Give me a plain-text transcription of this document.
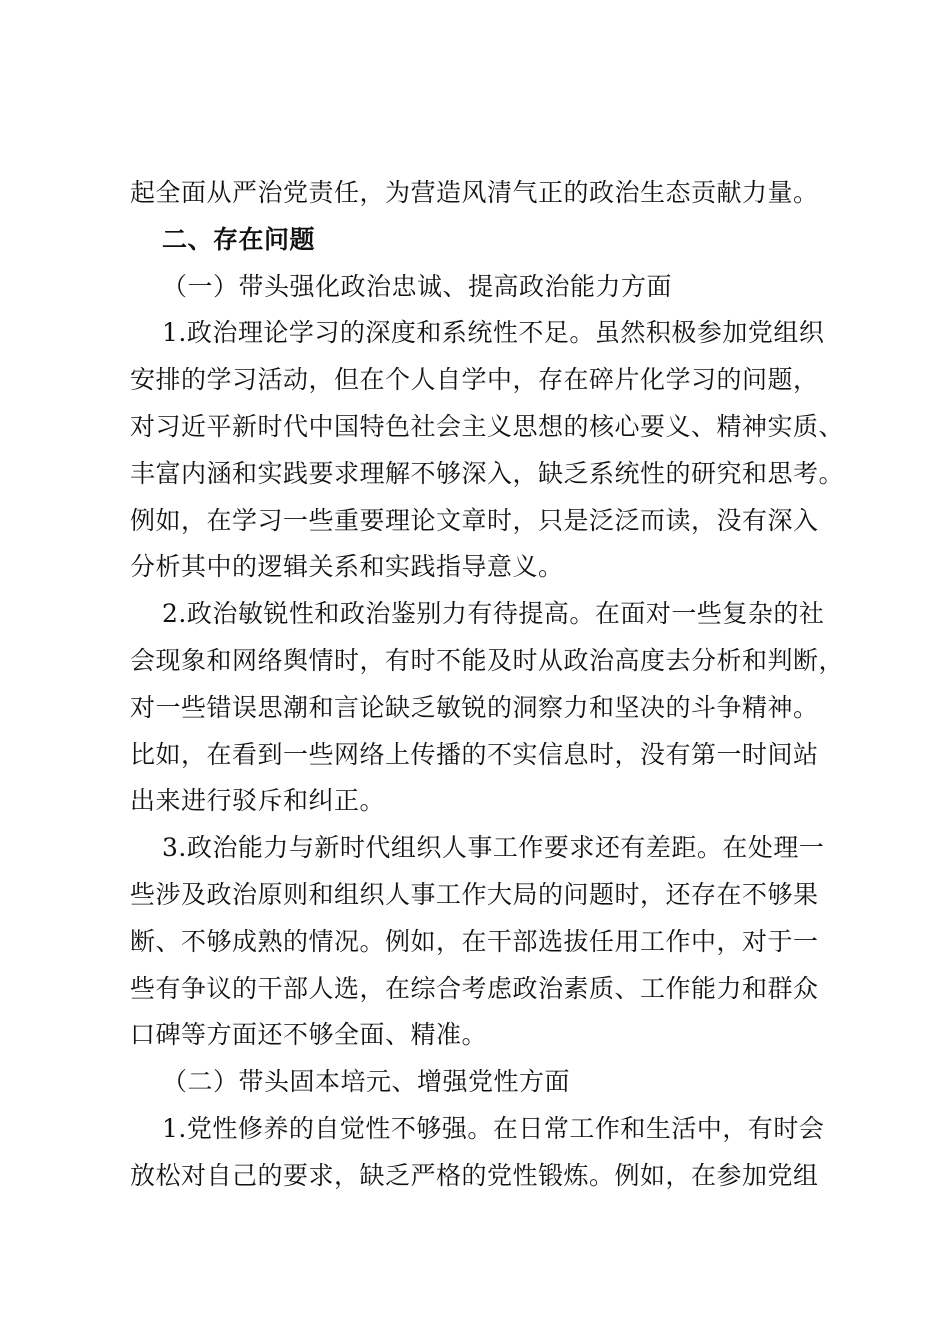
起全面从严治党责任，为营造风清气正的政治生态贡献力量。
二、存在问题
（一）带头强化政治忠诚、提高政治能力方面
1.政治理论学习的深度和系统性不足。虽然积极参加党组织
安排的学习活动，但在个人自学中，存在碎片化学习的问题，
对习近平新时代中国特色社会主义思想的核心要义、精神实质、
丰富内涵和实践要求理解不够深入，缺乏系统性的研究和思考。
例如，在学习一些重要理论文章时，只是泛泛而读，没有深入
分析其中的逻辑关系和实践指导意义。
2.政治敏锐性和政治鉴别力有待提高。在面对一些复杂的社
会现象和网络舆情时，有时不能及时从政治高度去分析和判断，
对一些错误思潮和言论缺乏敏锐的洞察力和坚决的斗争精神。
比如，在看到一些网络上传播的不实信息时，没有第一时间站
出来进行驳斥和纠正。
3.政治能力与新时代组织人事工作要求还有差距。在处理一
些涉及政治原则和组织人事工作大局的问题时，还存在不够果
断、不够成熟的情况。例如，在干部选拔任用工作中，对于一
些有争议的干部人选，在综合考虑政治素质、工作能力和群众
口碑等方面还不够全面、精准。
（二）带头固本培元、增强党性方面
1.党性修养的自觉性不够强。在日常工作和生活中，有时会
放松对自己的要求，缺乏严格的党性锻炼。例如，在参加党组
